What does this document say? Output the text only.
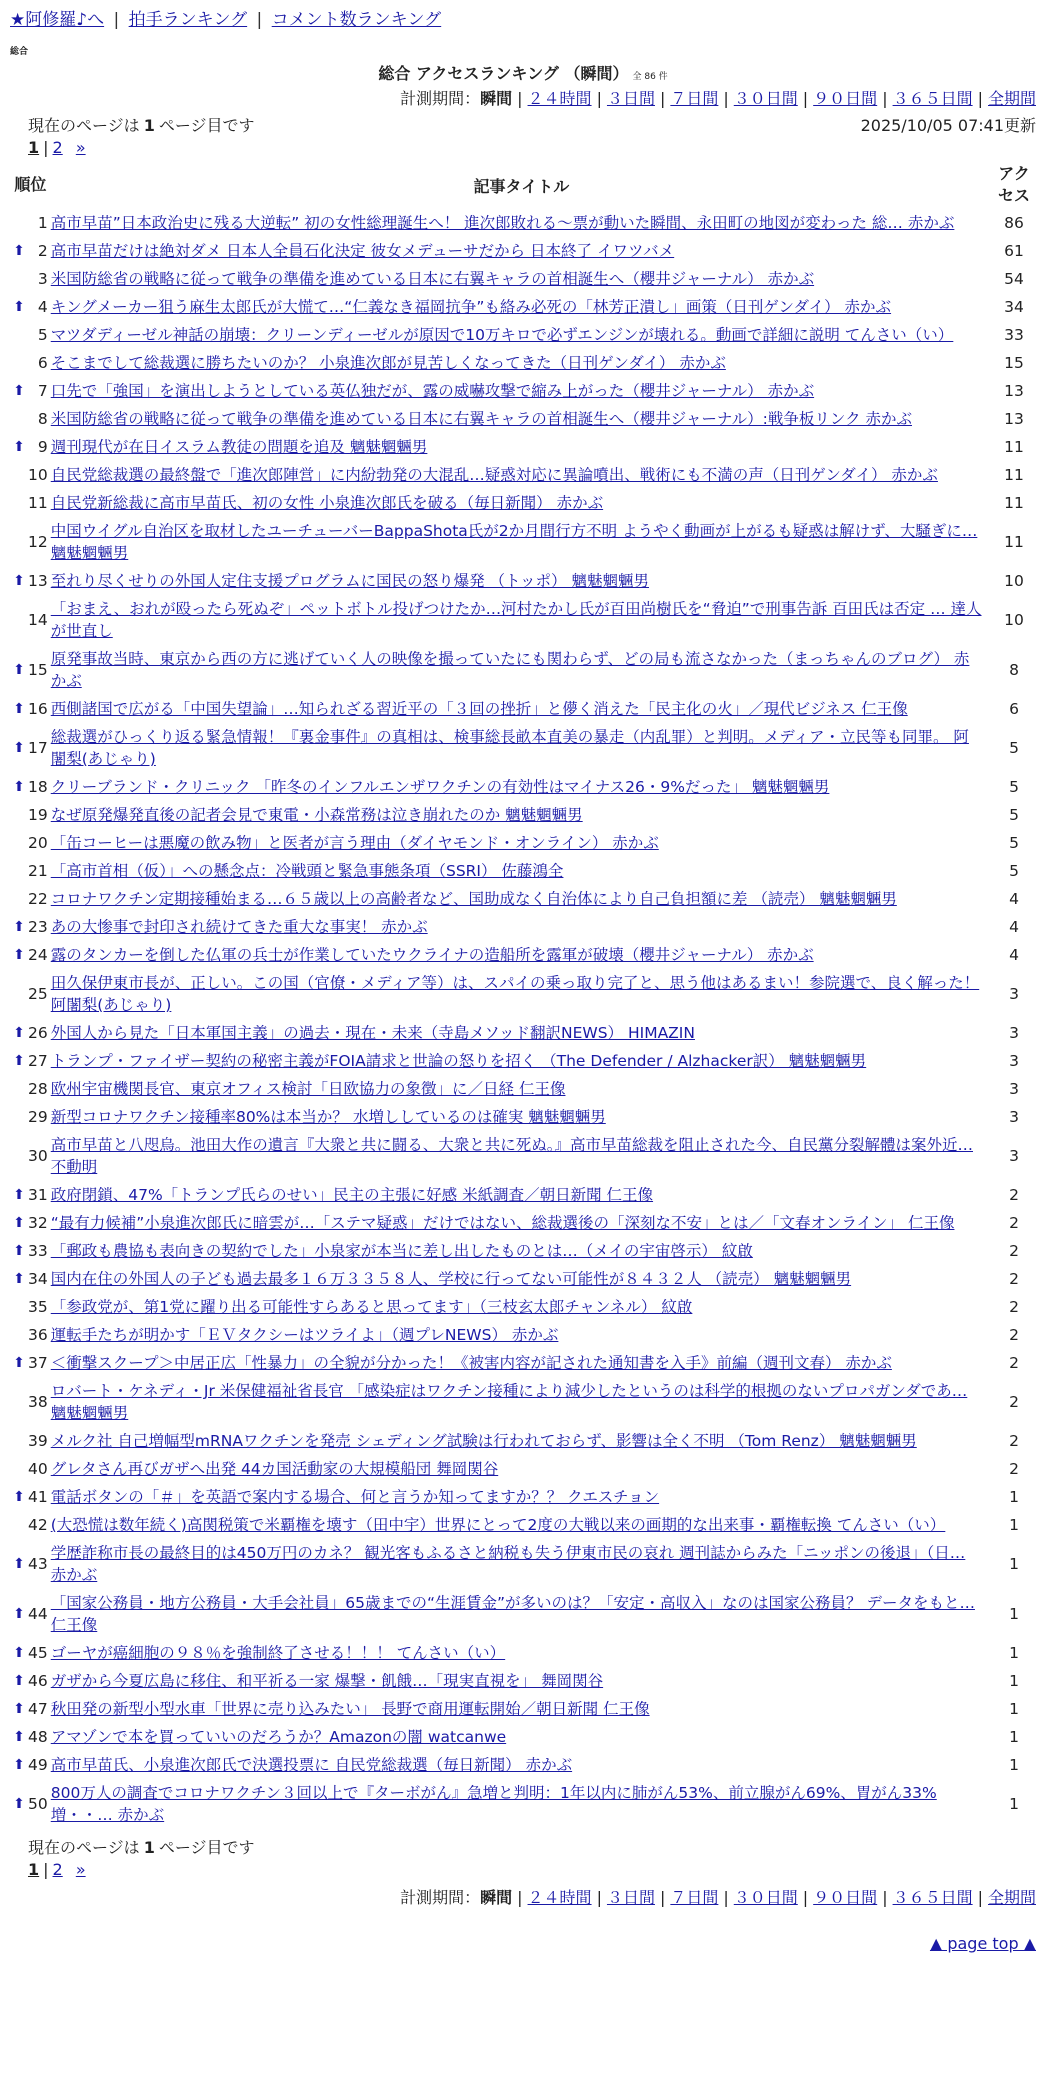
★阿修羅♪へ | 拍手ランキング | コメント数ランキング
総合
総合 アクセスランキング （瞬間） 全 86 件
計測期間：瞬間 | ２４時間 | ３日間 | ７日間 | ３０日間 | ９０日間 | ３６５日間 | 全期間
現在のページは 1 ページ目です	2025/10/05 07:41更新
1 | 2 »
順位		記事タイトル	アクセス
	1	高市早苗”日本政治史に残る大逆転” 初の女性総理誕生へ！ 進次郎敗れる～票が動いた瞬間、永田町の地図が変わった 総… 赤かぶ	86
⬆	2	高市早苗だけは絶対ダメ 日本人全員石化決定 彼女メデューサだから 日本終了 イワツバメ	61
	3	米国防総省の戦略に従って戦争の準備を進めている日本に右翼キャラの首相誕生へ（櫻井ジャーナル） 赤かぶ	54
⬆	4	キングメーカー狙う麻生太郎氏が大慌て…“仁義なき福岡抗争”も絡み必死の「林芳正潰し」画策（日刊ゲンダイ） 赤かぶ	34
	5	マツダディーゼル神話の崩壊：クリーンディーゼルが原因で10万キロで必ずエンジンが壊れる。動画で詳細に説明 てんさい（い）	33
	6	そこまでして総裁選に勝ちたいのか？ 小泉進次郎が見苦しくなってきた（日刊ゲンダイ） 赤かぶ	15
⬆	7	口先で「強国」を演出しようとしている英仏独だが、露の威嚇攻撃で縮み上がった（櫻井ジャーナル） 赤かぶ	13
	8	米国防総省の戦略に従って戦争の準備を進めている日本に右翼キャラの首相誕生へ（櫻井ジャーナル）:戦争板リンク 赤かぶ	13
⬆	9	週刊現代が在日イスラム教徒の問題を追及 魑魅魍魎男	11
	10	自民党総裁選の最終盤で「進次郎陣営」に内紛勃発の大混乱…疑惑対応に異論噴出、戦術にも不満の声（日刊ゲンダイ） 赤かぶ	11
	11	自民党新総裁に高市早苗氏、初の女性 小泉進次郎氏を破る（毎日新聞） 赤かぶ	11
	12	中国ウイグル自治区を取材したユーチューバーBappaShota氏が2か月間行方不明 ようやく動画が上がるも疑惑は解けず、大騒ぎに… 魑魅魍魎男	11
⬆	13	至れり尽くせりの外国人定住支援プログラムに国民の怒り爆発 （トッポ） 魑魅魍魎男	10
	14	「おまえ、おれが殴ったら死ぬぞ」ペットボトル投げつけたか…河村たかし氏が百田尚樹氏を“脅迫”で刑事告訴 百田氏は否定 … 達人が世直し	10
⬆	15	原発事故当時、東京から西の方に逃げていく人の映像を撮っていたにも関わらず、どの局も流さなかった（まっちゃんのブログ） 赤かぶ	8
⬆	16	西側諸国で広がる「中国失望論」…知られざる習近平の「３回の挫折」と儚く消えた「民主化の火」／現代ビジネス 仁王像	6
⬆	17	総裁選がひっくり返る緊急情報！『裏金事件』の真相は、検事総長畝本直美の暴走（内乱罪）と判明。メディア・立民等も同罪。 阿闍梨(あじゃり)	5
⬆	18	クリーブランド・クリニック 「昨冬のインフルエンザワクチンの有効性はマイナス26・9%だった」 魑魅魍魎男	5
	19	なぜ原発爆発直後の記者会見で東電・小森常務は泣き崩れたのか 魑魅魍魎男	5
	20	「缶コーヒーは悪魔の飲み物」と医者が言う理由（ダイヤモンド・オンライン） 赤かぶ	5
	21	「高市首相（仮）」への懸念点：冷戦頭と緊急事態条項（SSRI） 佐藤鴻全	5
	22	コロナワクチン定期接種始まる…６５歳以上の高齢者など、国助成なく自治体により自己負担額に差 （読売） 魑魅魍魎男	4
⬆	23	あの大惨事で封印され続けてきた重大な事実！ 赤かぶ	4
⬆	24	露のタンカーを倒した仏軍の兵士が作業していたウクライナの造船所を露軍が破壊（櫻井ジャーナル） 赤かぶ	4
	25	田久保伊東市長が、正しい。この国（官僚・メディア等）は、スパイの乗っ取り完了と、思う他はあるまい！参院選で、良く解った！ 阿闍梨(あじゃり)	3
⬆	26	外国人から見た「日本軍国主義」の過去・現在・未来（寺島メソッド翻訳NEWS） HIMAZIN	3
⬆	27	トランプ・ファイザー契約の秘密主義がFOIA請求と世論の怒りを招く （The Defender / Alzhacker訳） 魑魅魍魎男	3
	28	欧州宇宙機関長官、東京オフィス検討「日欧協力の象徴」に／日経 仁王像	3
	29	新型コロナワクチン接種率80%は本当か？ 水増ししているのは確実 魑魅魍魎男	3
	30	高市早苗と八咫烏。池田大作の遺言『大衆と共に闘る、大衆と共に死ぬ。』高市早苗総裁を阻止された今、自民黨分裂解體は案外近… 不動明	3
⬆	31	政府閉鎖、47%「トランプ氏らのせい」民主の主張に好感 米紙調査／朝日新聞 仁王像	2
⬆	32	“最有力候補”小泉進次郎氏に暗雲が…「ステマ疑惑」だけではない、総裁選後の「深刻な不安」とは／「文春オンライン」 仁王像	2
⬆	33	「郵政も農協も表向きの契約でした」小泉家が本当に差し出したものとは…（メイの宇宙啓示） 紋啟	2
⬆	34	国内在住の外国人の子ども過去最多１６万３３５８人、学校に行ってない可能性が８４３２人 （読売） 魑魅魍魎男	2
	35	「参政党が、第1党に躍り出る可能性すらあると思ってます」（三枝玄太郎チャンネル） 紋啟	2
	36	運転手たちが明かす「ＥＶタクシーはツライよ」（週プレNEWS） 赤かぶ	2
⬆	37	＜衝撃スクープ＞中居正広「性暴力」の全貌が分かった！《被害内容が記された通知書を入手》前編（週刊文春） 赤かぶ	2
	38	ロバート・ケネディ・Jr 米保健福祉省長官 「感染症はワクチン接種により減少したというのは科学的根拠のないプロパガンダであ… 魑魅魍魎男	2
	39	メルク社 自己増幅型mRNAワクチンを発売 シェディング試験は行われておらず、影響は全く不明 （Tom Renz） 魑魅魍魎男	2
	40	グレタさん再びガザへ出発 44カ国活動家の大規模船団 舞岡関谷	2
⬆	41	電話ボタンの「＃」を英語で案内する場合、何と言うか知ってますか？？ クエスチョン	1
	42	(大恐慌は数年続く)高関税策で米覇権を壊す（田中宇）世界にとって2度の大戦以来の画期的な出来事・覇権転換 てんさい（い）	1
⬆	43	学歴詐称市長の最終目的は450万円のカネ？ 観光客もふるさと納税も失う伊東市民の哀れ 週刊誌からみた「ニッポンの後退」（日… 赤かぶ	1
⬆	44	「国家公務員・地方公務員・大手会社員」65歳までの“生涯賃金”が多いのは？「安定・高収入」なのは国家公務員？ データをもと… 仁王像	1
⬆	45	ゴーヤが癌細胞の９８％を強制終了させる！！！ てんさい（い）	1
⬆	46	ガザから今夏広島に移住、和平祈る一家 爆撃・飢餓…「現実直視を」 舞岡関谷	1
⬆	47	秋田発の新型小型水車「世界に売り込みたい」 長野で商用運転開始／朝日新聞 仁王像	1
⬆	48	アマゾンで本を買っていいのだろうか？Amazonの闇 watcanwe	1
⬆	49	高市早苗氏、小泉進次郎氏で決選投票に 自民党総裁選（毎日新聞） 赤かぶ	1
⬆	50	800万人の調査でコロナワクチン３回以上で『ターボがん』急増と判明：1年以内に肺がん53%、前立腺がん69%、胃がん33%増・・… 赤かぶ	1
現在のページは 1 ページ目です
1 | 2 »
計測期間：瞬間 | ２４時間 | ３日間 | ７日間 | ３０日間 | ９０日間 | ３６５日間 | 全期間
▲ page top ▲
